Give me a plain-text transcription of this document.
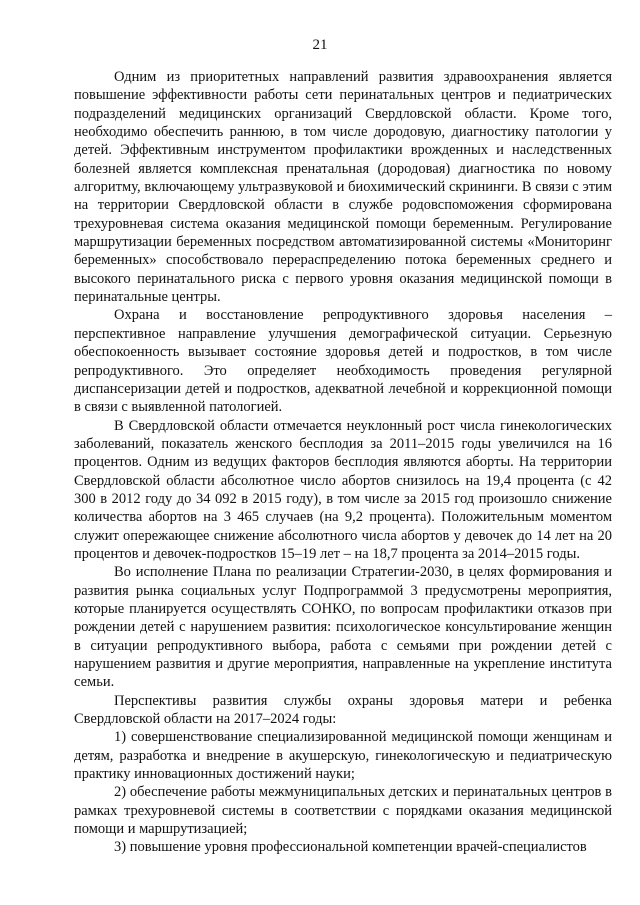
21

Одним из приоритетных направлений развития здравоохранения является повышение эффективности работы сети перинатальных центров и педиатрических подразделений медицинских организаций Свердловской области. Кроме того, необходимо обеспечить раннюю, в том числе дородовую, диагностику патологии у детей. Эффективным инструментом профилактики врожденных и наследственных болезней является комплексная пренатальная (дородовая) диагностика по новому алгоритму, включающему ультразвуковой и биохимический скрининги. В связи с этим на территории Свердловской области в службе родовспоможения сформирована трехуровневая система оказания медицинской помощи беременным. Регулирование маршрутизации беременных посредством автоматизированной системы «Мониторинг беременных» способствовало перераспределению потока беременных среднего и высокого перинатального риска с первого уровня оказания медицинской помощи в перинатальные центры.

Охрана и восстановление репродуктивного здоровья населения – перспективное направление улучшения демографической ситуации. Серьезную обеспокоенность вызывает состояние здоровья детей и подростков, в том числе репродуктивного. Это определяет необходимость проведения регулярной диспансеризации детей и подростков, адекватной лечебной и коррекционной помощи в связи с выявленной патологией.

В Свердловской области отмечается неуклонный рост числа гинекологических заболеваний, показатель женского бесплодия за 2011–2015 годы увеличился на 16 процентов. Одним из ведущих факторов бесплодия являются аборты. На территории Свердловской области абсолютное число абортов снизилось на 19,4 процента (с 42 300 в 2012 году до 34 092 в 2015 году), в том числе за 2015 год произошло снижение количества абортов на 3 465 случаев (на 9,2 процента). Положительным моментом служит опережающее снижение абсолютного числа абортов у девочек до 14 лет на 20 процентов и девочек-подростков 15–19 лет – на 18,7 процента за 2014–2015 годы.

Во исполнение Плана по реализации Стратегии-2030, в целях формирования и развития рынка социальных услуг Подпрограммой 3 предусмотрены мероприятия, которые планируется осуществлять СОНКО, по вопросам профилактики отказов при рождении детей с нарушением развития: психологическое консультирование женщин в ситуации репродуктивного выбора, работа с семьями при рождении детей с нарушением развития и другие мероприятия, направленные на укрепление института семьи.

Перспективы развития службы охраны здоровья матери и ребенка Свердловской области на 2017–2024 годы:

1) совершенствование специализированной медицинской помощи женщинам и детям, разработка и внедрение в акушерскую, гинекологическую и педиатрическую практику инновационных достижений науки;

2) обеспечение работы межмуниципальных детских и перинатальных центров в рамках трехуровневой системы в соответствии с порядками оказания медицинской помощи и маршрутизацией;

3) повышение уровня профессиональной компетенции врачей-специалистов
